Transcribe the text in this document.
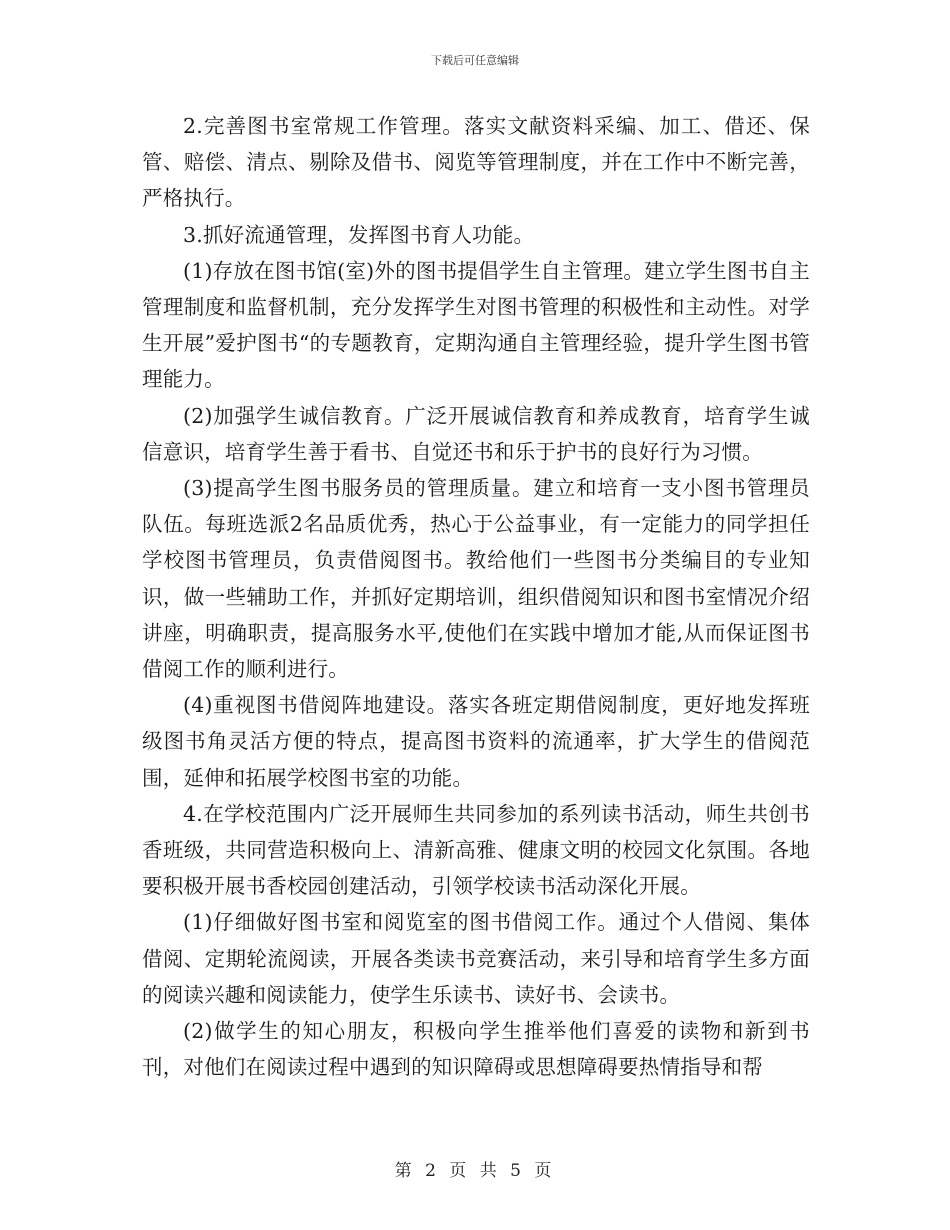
下载后可任意编辑

2.完善图书室常规工作管理。落实文献资料采编、加工、借还、保管、赔偿、清点、剔除及借书、阅览等管理制度，并在工作中不断完善，严格执行。

3.抓好流通管理，发挥图书育人功能。

(1)存放在图书馆(室)外的图书提倡学生自主管理。建立学生图书自主管理制度和监督机制，充分发挥学生对图书管理的积极性和主动性。对学生开展”爱护图书“的专题教育，定期沟通自主管理经验，提升学生图书管理能力。

(2)加强学生诚信教育。广泛开展诚信教育和养成教育，培育学生诚信意识，培育学生善于看书、自觉还书和乐于护书的良好行为习惯。

(3)提高学生图书服务员的管理质量。建立和培育一支小图书管理员队伍。每班选派2名品质优秀，热心于公益事业，有一定能力的同学担任学校图书管理员，负责借阅图书。教给他们一些图书分类编目的专业知识，做一些辅助工作，并抓好定期培训，组织借阅知识和图书室情况介绍讲座，明确职责，提高服务水平,使他们在实践中增加才能,从而保证图书借阅工作的顺利进行。

(4)重视图书借阅阵地建设。落实各班定期借阅制度，更好地发挥班级图书角灵活方便的特点，提高图书资料的流通率，扩大学生的借阅范围，延伸和拓展学校图书室的功能。

4.在学校范围内广泛开展师生共同参加的系列读书活动，师生共创书香班级，共同营造积极向上、清新高雅、健康文明的校园文化氛围。各地要积极开展书香校园创建活动，引领学校读书活动深化开展。

(1)仔细做好图书室和阅览室的图书借阅工作。通过个人借阅、集体借阅、定期轮流阅读，开展各类读书竞赛活动，来引导和培育学生多方面的阅读兴趣和阅读能力，使学生乐读书、读好书、会读书。

(2)做学生的知心朋友，积极向学生推举他们喜爱的读物和新到书刊，对他们在阅读过程中遇到的知识障碍或思想障碍要热情指导和帮

第 2 页 共 5 页
